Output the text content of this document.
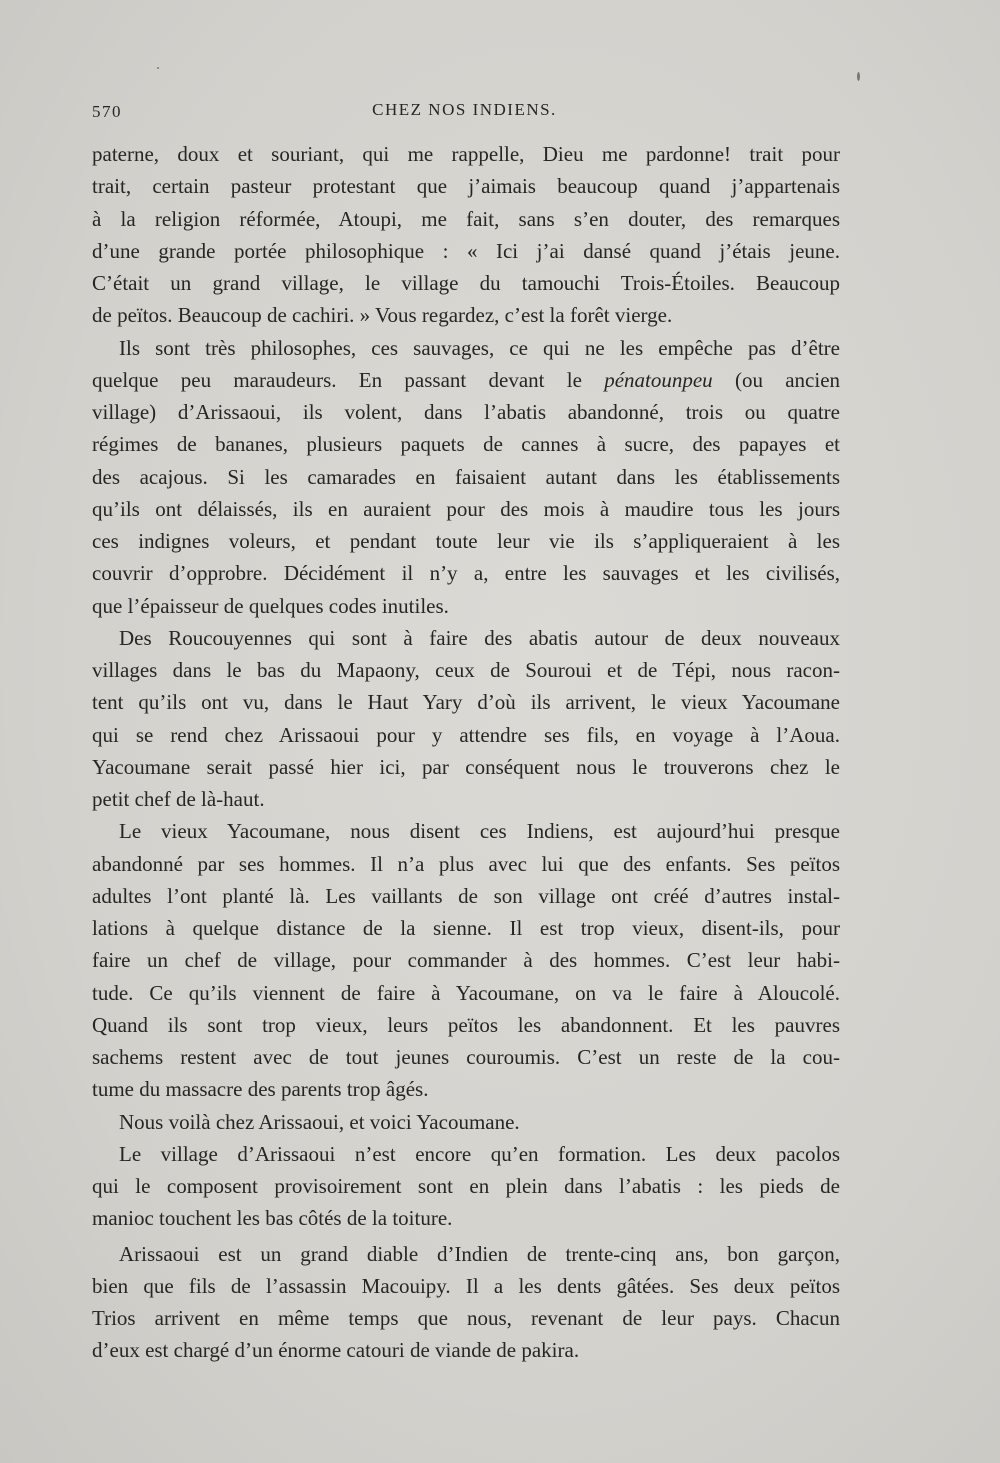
570	CHEZ NOS INDIENS.
paterne, doux et souriant, qui me rappelle, Dieu me pardonne! trait pour
trait, certain pasteur protestant que j’aimais beaucoup quand j’appartenais
à la religion réformée, Atoupi, me fait, sans s’en douter, des remarques
d’une grande portée philosophique : « Ici j’ai dansé quand j’étais jeune.
C’était un grand village, le village du tamouchi Trois-Étoiles. Beaucoup
de peïtos. Beaucoup de cachiri. » Vous regardez, c’est la forêt vierge.
Ils sont très philosophes, ces sauvages, ce qui ne les empêche pas d’être
quelque peu maraudeurs. En passant devant le pénatounpeu (ou ancien
village) d’Arissaoui, ils volent, dans l’abatis abandonné, trois ou quatre
régimes de bananes, plusieurs paquets de cannes à sucre, des papayes et
des acajous. Si les camarades en faisaient autant dans les établissements
qu’ils ont délaissés, ils en auraient pour des mois à maudire tous les jours
ces indignes voleurs, et pendant toute leur vie ils s’appliqueraient à les
couvrir d’opprobre. Décidément il n’y a, entre les sauvages et les civilisés,
que l’épaisseur de quelques codes inutiles.
Des Roucouyennes qui sont à faire des abatis autour de deux nouveaux
villages dans le bas du Mapaony, ceux de Souroui et de Tépi, nous racon-
tent qu’ils ont vu, dans le Haut Yary d’où ils arrivent, le vieux Yacoumane
qui se rend chez Arissaoui pour y attendre ses fils, en voyage à l’Aoua.
Yacoumane serait passé hier ici, par conséquent nous le trouverons chez le
petit chef de là-haut.
Le vieux Yacoumane, nous disent ces Indiens, est aujourd’hui presque
abandonné par ses hommes. Il n’a plus avec lui que des enfants. Ses peïtos
adultes l’ont planté là. Les vaillants de son village ont créé d’autres instal-
lations à quelque distance de la sienne. Il est trop vieux, disent-ils, pour
faire un chef de village, pour commander à des hommes. C’est leur habi-
tude. Ce qu’ils viennent de faire à Yacoumane, on va le faire à Aloucolé.
Quand ils sont trop vieux, leurs peïtos les abandonnent. Et les pauvres
sachems restent avec de tout jeunes couroumis. C’est un reste de la cou-
tume du massacre des parents trop âgés.
Nous voilà chez Arissaoui, et voici Yacoumane.
Le village d’Arissaoui n’est encore qu’en formation. Les deux pacolos
qui le composent provisoirement sont en plein dans l’abatis : les pieds de
manioc touchent les bas côtés de la toiture.
Arissaoui est un grand diable d’Indien de trente-cinq ans, bon garçon,
bien que fils de l’assassin Macouipy. Il a les dents gâtées. Ses deux peïtos
Trios arrivent en même temps que nous, revenant de leur pays. Chacun
d’eux est chargé d’un énorme catouri de viande de pakira.
